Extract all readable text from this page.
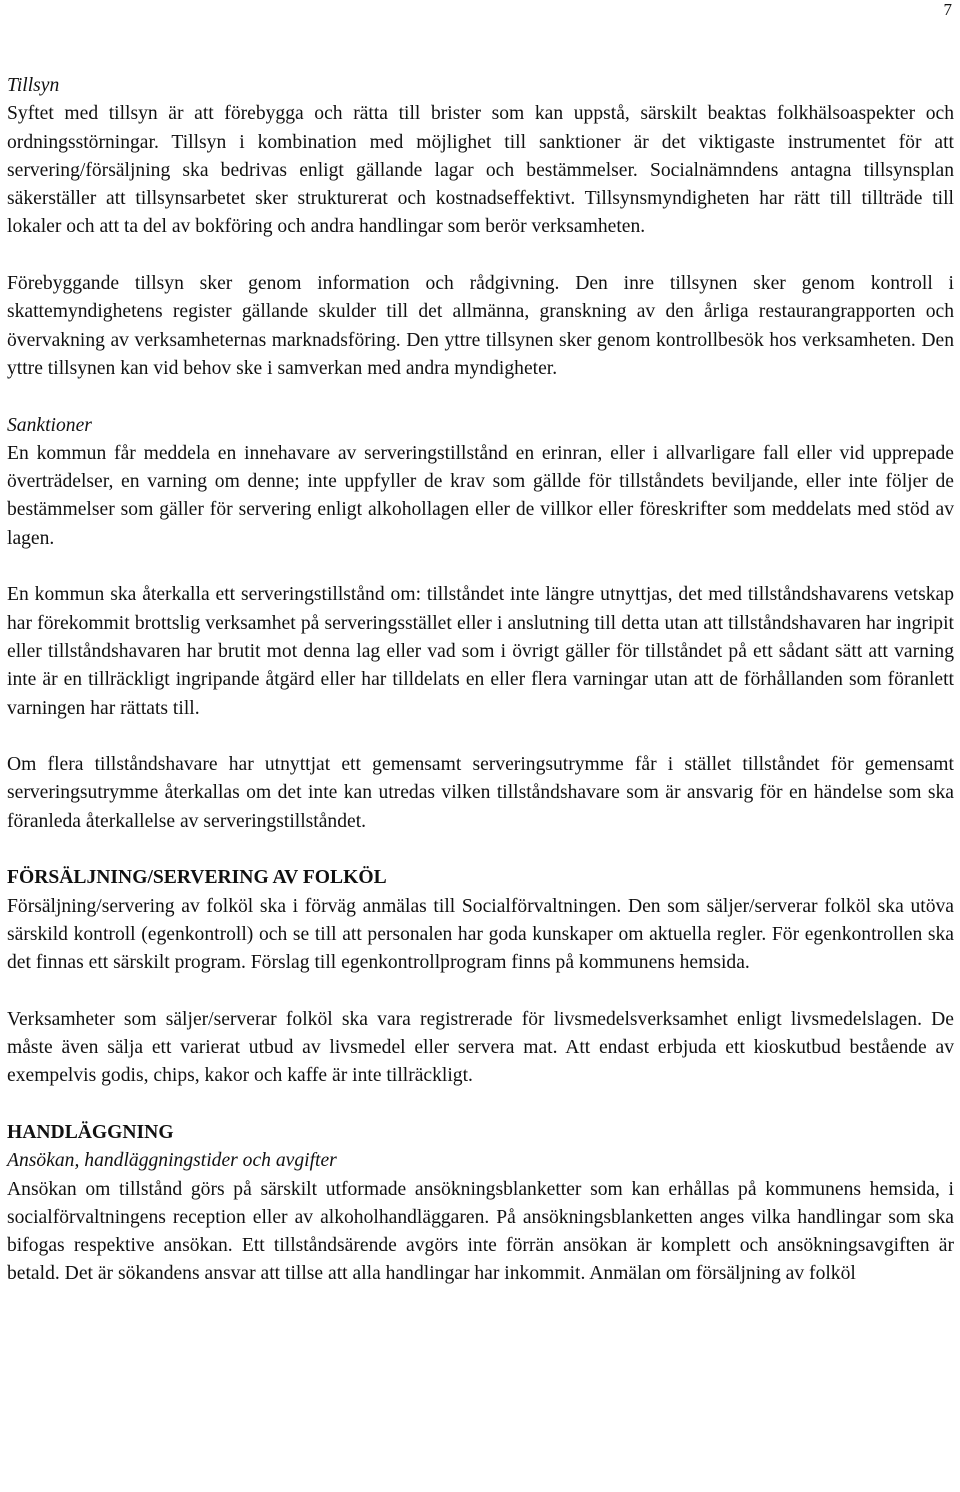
7

Tillsyn

Syftet med tillsyn är att förebygga och rätta till brister som kan uppstå, särskilt beaktas folkhälsoaspekter och ordningsstörningar. Tillsyn i kombination med möjlighet till sanktioner är det viktigaste instrumentet för att servering/försäljning ska bedrivas enligt gällande lagar och bestämmelser. Socialnämndens antagna tillsynsplan säkerställer att tillsynsarbetet sker strukturerat och kostnadseffektivt. Tillsynsmyndigheten har rätt till tillträde till lokaler och att ta del av bokföring och andra handlingar som berör verksamheten.

Förebyggande tillsyn sker genom information och rådgivning. Den inre tillsynen sker genom kontroll i skattemyndighetens register gällande skulder till det allmänna, granskning av den årliga restaurangrapporten och övervakning av verksamheternas marknadsföring. Den yttre tillsynen sker genom kontrollbesök hos verksamheten. Den yttre tillsynen kan vid behov ske i samverkan med andra myndigheter.

Sanktioner

En kommun får meddela en innehavare av serveringstillstånd en erinran, eller i allvarligare fall eller vid upprepade överträdelser, en varning om denne; inte uppfyller de krav som gällde för tillståndets beviljande, eller inte följer de bestämmelser som gäller för servering enligt alkohollagen eller de villkor eller föreskrifter som meddelats med stöd av lagen.

En kommun ska återkalla ett serveringstillstånd om: tillståndet inte längre utnyttjas, det med tillståndshavarens vetskap har förekommit brottslig verksamhet på serveringsstället eller i anslutning till detta utan att tillståndshavaren har ingripit eller tillståndshavaren har brutit mot denna lag eller vad som i övrigt gäller för tillståndet på ett sådant sätt att varning inte är en tillräckligt ingripande åtgärd eller har tilldelats en eller flera varningar utan att de förhållanden som föranlett varningen har rättats till.

Om flera tillståndshavare har utnyttjat ett gemensamt serveringsutrymme får i stället tillståndet för gemensamt serveringsutrymme återkallas om det inte kan utredas vilken tillståndshavare som är ansvarig för en händelse som ska föranleda återkallelse av serveringstillståndet.

FÖRSÄLJNING/SERVERING AV FOLKÖL

Försäljning/servering av folköl ska i förväg anmälas till Socialförvaltningen. Den som säljer/serverar folköl ska utöva särskild kontroll (egenkontroll) och se till att personalen har goda kunskaper om aktuella regler. För egenkontrollen ska det finnas ett särskilt program. Förslag till egenkontrollprogram finns på kommunens hemsida.

Verksamheter som säljer/serverar folköl ska vara registrerade för livsmedelsverksamhet enligt livsmedelslagen. De måste även sälja ett varierat utbud av livsmedel eller servera mat. Att endast erbjuda ett kioskutbud bestående av exempelvis godis, chips, kakor och kaffe är inte tillräckligt.

HANDLÄGGNING

Ansökan, handläggningstider och avgifter

Ansökan om tillstånd görs på särskilt utformade ansökningsblanketter som kan erhållas på kommunens hemsida, i socialförvaltningens reception eller av alkoholhandläggaren. På ansökningsblanketten anges vilka handlingar som ska bifogas respektive ansökan. Ett tillståndsärende avgörs inte förrän ansökan är komplett och ansökningsavgiften är betald. Det är sökandens ansvar att tillse att alla handlingar har inkommit. Anmälan om försäljning av folköl
